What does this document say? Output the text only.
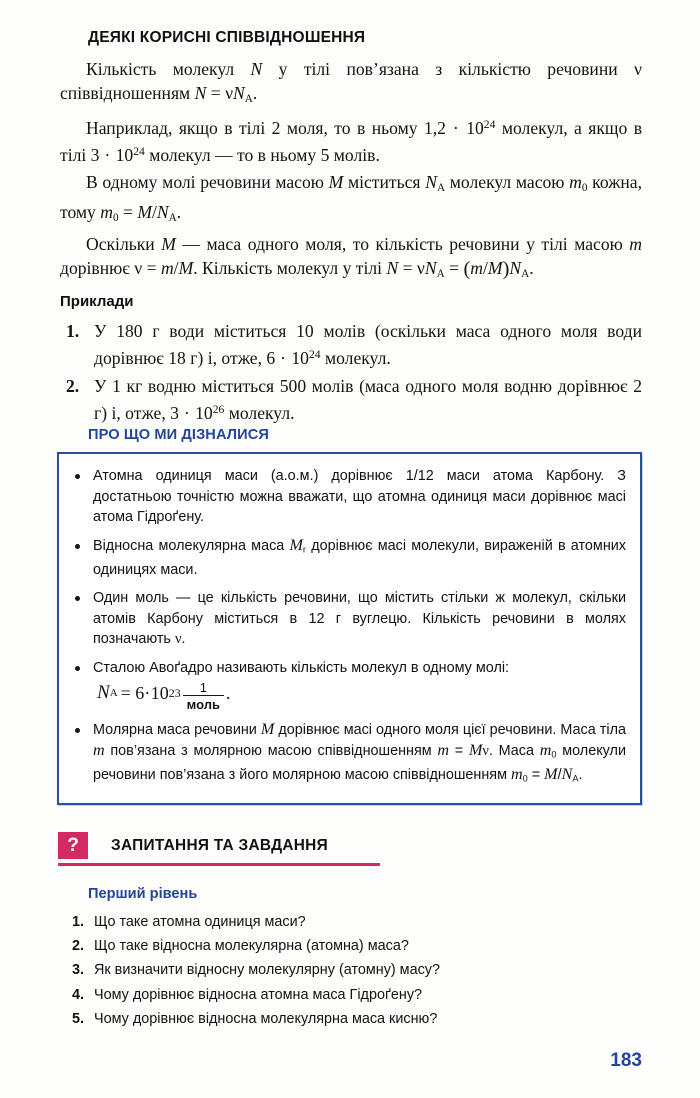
ДЕЯКІ КОРИСНІ СПІВВІДНОШЕННЯ
Кількість молекул N у тілі пов’язана з кількістю речовини ν співвідношенням $N = \nu N_А$.
Наприклад, якщо в тілі 2 моля, то в ньому $1,2 \cdot 10^{24}$ молекул, а якщо в тілі $3 \cdot 10^{24}$ молекул — то в ньому 5 молів.
В одному молі речовини масою M міститься $N_А$ молекул масою $m_0$ кожна, тому $m_0 = M/N_А$.
Оскільки M — маса одного моля, то кількість речовини у тілі масою m дорівнює ν = m/M. Кількість молекул у тілі $N = \nu N_А = (m/M)N_А$.
Приклади
1. У 180 г води міститься 10 молів (оскільки маса одного моля води дорівнює 18 г) і, отже, $6 \cdot 10^{24}$ молекул.
2. У 1 кг водню міститься 500 молів (маса одного моля водню дорівнює 2 г) і, отже, $3 \cdot 10^{26}$ молекул.
ПРО ЩО МИ ДІЗНАЛИСЯ
Атомна одиниця маси (а.о.м.) дорівнює 1/12 маси атома Карбону. З достатньою точністю можна вважати, що атомна одиниця маси дорівнює масі атома Гідроґену.
Відносна молекулярна маса $M_r$ дорівнює масі молекули, вираженій в атомних одиницях маси.
Один моль — це кількість речовини, що містить стільки ж молекул, скільки атомів Карбону міститься в 12 г вуглецю. Кількість речовини в молях позначають ν.
Сталою Авоґадро називають кількість молекул в одному молі:
N А = 6 · 10 $23 \frac{1}{\text{моль}}$ .
Молярна маса речовини M дорівнює масі одного моля цієї речовини. Маса тіла m пов’язана з молярною масою співвідношенням m = Mν. Маса $m_0$ молекули речовини пов’язана з його молярною масою співвідношенням $m_0 = M/N_А$.
?	ЗАПИТАННЯ ТА ЗАВДАННЯ
Перший рівень
1. Що таке атомна одиниця маси?
2. Що таке відносна молекулярна (атомна) маса?
3. Як визначити відносну молекулярну (атомну) масу?
4. Чому дорівнює відносна атомна маса Гідроґену?
5. Чому дорівнює відносна молекулярна маса кисню?
183
